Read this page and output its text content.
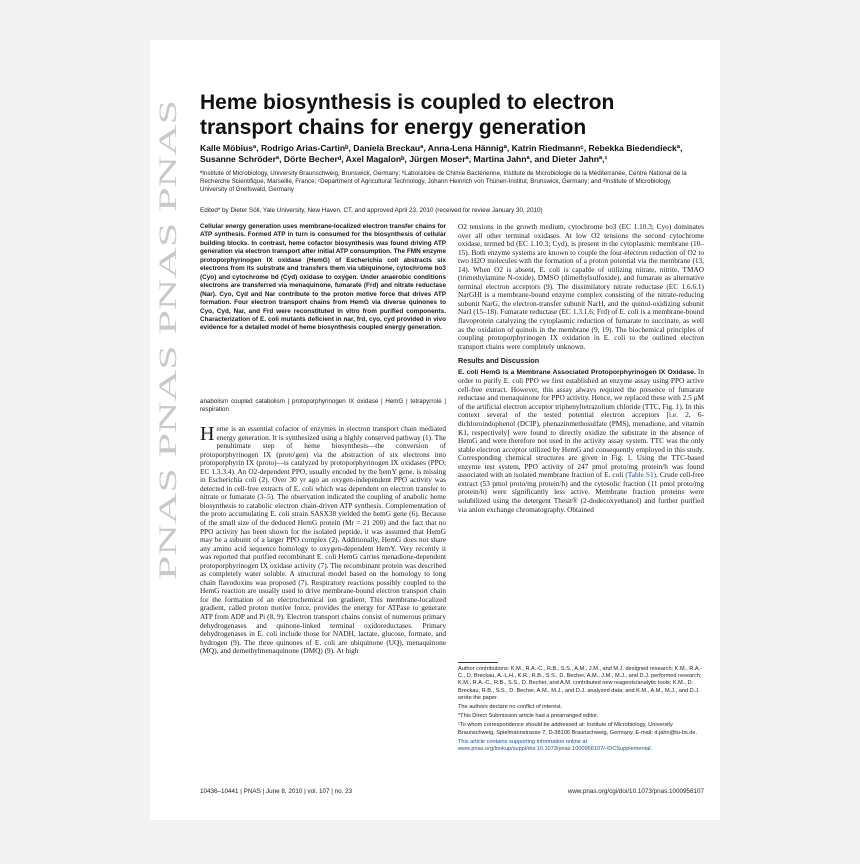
PNAS PNAS PNAS PNAS
Heme biosynthesis is coupled to electron transport chains for energy generation
Kalle Möbiusª, Rodrigo Arias-Cartinᵇ, Daniela Breckauª, Anna-Lena Hännigª, Katrin Riedmannᶜ, Rebekka Biedendieckª, Susanne Schröderª, Dörte Becherᵈ, Axel Magalonᵇ, Jürgen Moserª, Martina Jahnª, and Dieter Jahnª,¹
ªInstitute of Microbiology, University Braunschweig, Brunswick, Germany; ᵇLaboratoire de Chimie Bactérienne, Institute de Microbiologie de la Méditerranée, Centre National de la Recherche Scientifique, Marseille, France; ᶜDepartment of Agricultural Technology, Johann Heinrich von Thünen-Institut, Brunswick, Germany; and ᵈInstitute of Microbiology, University of Greifswald, Germany
Edited* by Dieter Söll, Yale University, New Haven, CT, and approved April 23, 2010 (received for review January 30, 2010)
Cellular energy generation uses membrane-localized electron transfer chains for ATP synthesis. Formed ATP in turn is consumed for the biosynthesis of cellular building blocks. In contrast, heme cofactor biosynthesis was found driving ATP generation via electron transport after initial ATP consumption. The FMN enzyme protoporphyrinogen IX oxidase (HemG) of Escherichia coli abstracts six electrons from its substrate and transfers them via ubiquinone, cytochrome bo3 (Cyo) and cytochrome bd (Cyd) oxidase to oxygen. Under anaerobic conditions electrons are transferred via menaquinone, fumarate (Frd) and nitrate reductase (Nar). Cyo, Cyd and Nar contribute to the proton motive force that drives ATP formation. Four electron transport chains from HemG via diverse quinones to Cyo, Cyd, Nar, and Frd were reconstituted in vitro from purified components. Characterization of E. coli mutants deficient in nar, frd, cyo, cyd provided in vivo evidence for a detailed model of heme biosynthesis coupled energy generation.
anabolism coupled catabolism | protoporphyrinogen IX oxidase | HemG | tetrapyrrole | respiration
Heme is an essential cofactor of enzymes in electron transport chain mediated energy generation. It is synthesized using a highly conserved pathway (1). The penultimate step of heme biosynthesis—the conversion of protoporphyrinogen IX (proto'gen) via the abstraction of six electrons into protoporphyrin IX (proto)—is catalyzed by protoporphyrinogen IX oxidases (PPO; EC 1.3.3.4). An O2-dependent PPO, usually encoded by the hemY gene, is missing in Escherichia coli (2). Over 30 yr ago an oxygen-independent PPO activity was detected in cell-free extracts of E. coli which was dependent on electron transfer to nitrate or fumarate (3–5). The observation indicated the coupling of anabolic heme biosynthesis to catabolic electron chain-driven ATP synthesis. Complementation of the proto accumulating E. coli strain SASX38 yielded the hemG gene (6). Because of the small size of the deduced HemG protein (Mr = 21 200) and the fact that no PPO activity has been shown for the isolated peptide, it was assumed that HemG may be a subunit of a larger PPO complex (2). Additionally, HemG does not share any amino acid sequence homology to oxygen-dependent HemY. Very recently it was reported that purified recombinant E. coli HemG carries menadione-dependent protoporphyrinogen IX oxidase activity (7). The recombinant protein was described as completely water soluble. A structural model based on the homology to long chain flavodoxins was proposed (7). Respiratory reactions possibly coupled to the HemG reaction are usually used to drive membrane-bound electron transport chain for the formation of an electrochemical ion gradient. This membrane-localized gradient, called proton motive force, provides the energy for ATPase to generate ATP from ADP and Pi (8, 9). Electron transport chains consist of numerous primary dehydrogenases and quinone-linked terminal oxidoreductases. Primary dehydrogenases in E. coli include those for NADH, lactate, glucose, formate, and hydrogen (9). The three quinones of E. coli are ubiquinone (UQ), menaquinone (MQ), and demethylmenaquinone (DMQ) (9). At high

O2 tensions in the growth medium, cytochrome bo3 (EC 1.10.3; Cyo) dominates over all other terminal oxidases. At low O2 tensions the second cytochrome oxidase, termed bd (EC 1.10.3; Cyd), is present in the cytoplasmic membrane (10–15). Both enzyme systems are known to couple the four-electron reduction of O2 to two H2O molecules with the formation of a proton potential via the membrane (13, 14). When O2 is absent, E. coli is capable of utilizing nitrate, nitrite, TMAO (trimethylamine N-oxide), DMSO (dimethylsulfoxide), and fumarate as alternative terminal electron acceptors (9). The dissimilatory nitrate reductase (EC 1.6.6.1) NarGHI is a membrane-bound enzyme complex consisting of the nitrate-reducing subunit NarG, the electron-transfer subunit NarH, and the quinol-oxidizing subunit NarI (15–18). Fumarate reductase (EC 1.3.1.6; Frd) of E. coli is a membrane-bound flavoprotein catalyzing the cytoplasmic reduction of fumarate to succinate, as well as the oxidation of quinols in the membrane (9, 19). The biochemical principles of coupling protoporphyrinogen IX oxidation in E. coli to the outlined electron transport chains were completely unknown.

Results and Discussion

E. coli HemG Is a Membrane Associated Protoporphyrinogen IX Oxidase. In order to purify E. coli PPO we first established an enzyme assay using PPO active cell-free extract. However, this assay always required the presence of fumarate reductase and menaquinone for PPO activity. Hence, we replaced these with 2.5 μM of the artificial electron acceptor triphenyltetrazolium chloride (TTC, Fig. 1). In this context several of the tested potential electron acceptors [i.e. 2, 6-dichloroindophenol (DCIP), phenazinmethosulfate (PMS), menadione, and vitamin K1, respectively] were found to directly oxidize the substrate in the absence of HemG and were therefore not used in the activity assay system. TTC was the only stable electron acceptor utilized by HemG and consequently employed in this study. Corresponding chemical structures are given in Fig. 1. Using the TTC-based enzyme test system, PPO activity of 247 pmol proto/mg protein/h was found associated with an isolated membrane fraction of E. coli (Table S1). Crude cell-free extract (53 pmol proto/mg protein/h) and the cytosolic fraction (11 pmol proto/mg protein/h) were significantly less active. Membrane fraction proteins were solubilized using the detergent Thesit® (2-dodecoxyethanol) and further purified via anion exchange chromatography. Obtained

Author contributions: K.M., R.A.-C., R.B., S.S., A.M., J.M., and M.J. designed research; K.M., R.A.-C., D. Breckau, A.-L.H., K.R., R.B., S.S., D. Becher, A.M., J.M., M.J., and D.J. performed research; K.M., R.A.-C., R.B., S.S., D. Becher, and A.M. contributed new reagents/analytic tools; K.M., D. Breckau, R.B., S.S., D. Becher, A.M., M.J., and D.J. analyzed data; and K.M., A.M., M.J., and D.J. wrote the paper.

The authors declare no conflict of interest.

*This Direct Submission article had a prearranged editor.

¹To whom correspondence should be addressed at: Institute of Microbiology, University Braunschweig, Spielmannstrasse 7, D-38106 Braunschweig, Germany. E-mail: d.jahn@tu-bs.de.

This article contains supporting information online at www.pnas.org/lookup/suppl/doi:10.1073/pnas.1000956107/-/DCSupplemental.

10436–10441 | PNAS | June 8, 2010 | vol. 107 | no. 23	www.pnas.org/cgi/doi/10.1073/pnas.1000956107
